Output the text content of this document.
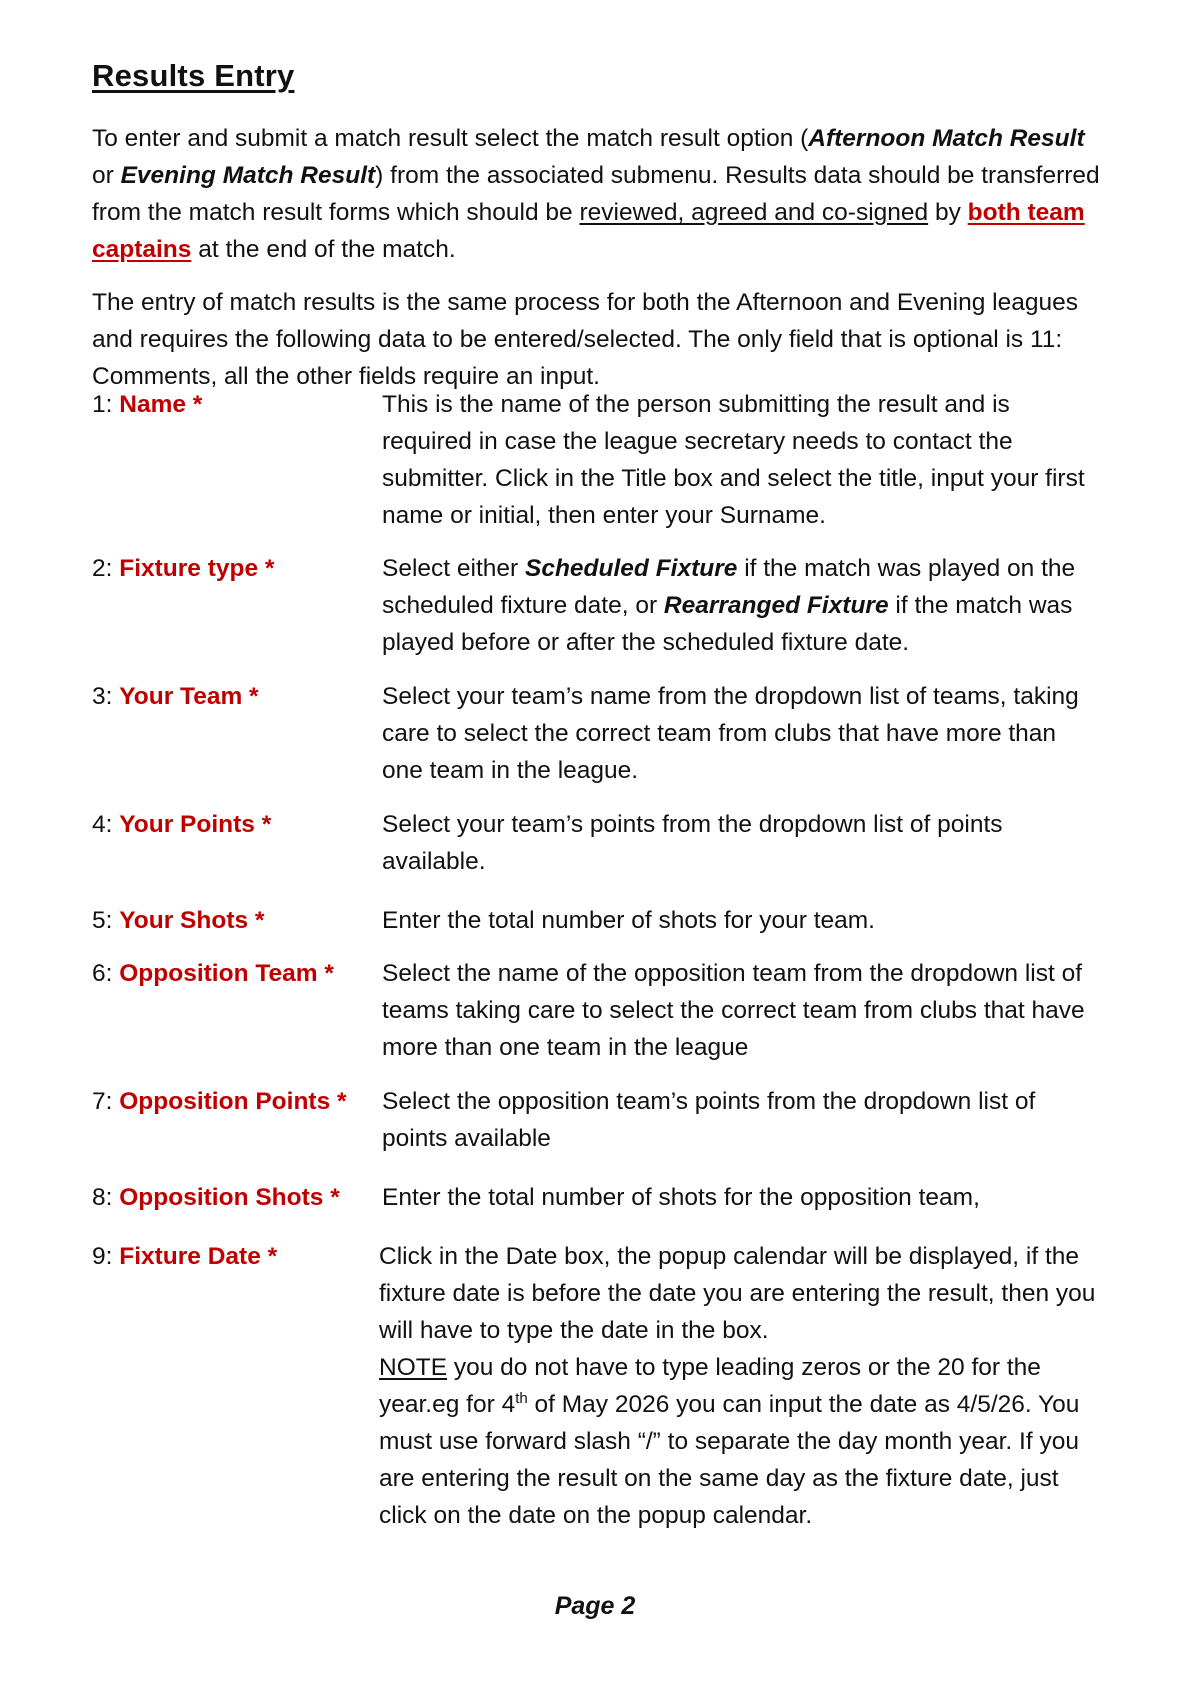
Results Entry

To enter and submit a match result select the match result option (Afternoon Match Result or Evening Match Result) from the associated submenu. Results data should be transferred from the match result forms which should be reviewed, agreed and co-signed by both team captains at the end of the match.

The entry of match results is the same process for both the Afternoon and Evening leagues and requires the following data to be entered/selected. The only field that is optional is 11: Comments, all the other fields require an input.

1: Name *	This is the name of the person submitting the result and is required in case the league secretary needs to contact the submitter. Click in the Title box and select the title, input your first name or initial, then enter your Surname.
2: Fixture type *	Select either Scheduled Fixture if the match was played on the scheduled fixture date, or Rearranged Fixture if the match was played before or after the scheduled fixture date.
3: Your Team *	Select your team’s name from the dropdown list of teams, taking care to select the correct team from clubs that have more than one team in the league.
4: Your Points *	Select your team’s points from the dropdown list of points available.
5: Your Shots *	Enter the total number of shots for your team.
6: Opposition Team *	Select the name of the opposition team from the dropdown list of teams taking care to select the correct team from clubs that have more than one team in the league
7: Opposition Points *	Select the opposition team’s points from the dropdown list of points available
8: Opposition Shots *	Enter the total number of shots for the opposition team,
9: Fixture Date *	Click in the Date box, the popup calendar will be displayed, if the fixture date is before the date you are entering the result, then you will have to type the date in the box.
NOTE you do not have to type leading zeros or the 20 for the year.eg for 4th of May 2026 you can input the date as 4/5/26. You must use forward slash “/” to separate the day month year. If you are entering the result on the same day as the fixture date, just click on the date on the popup calendar.
Page 2
